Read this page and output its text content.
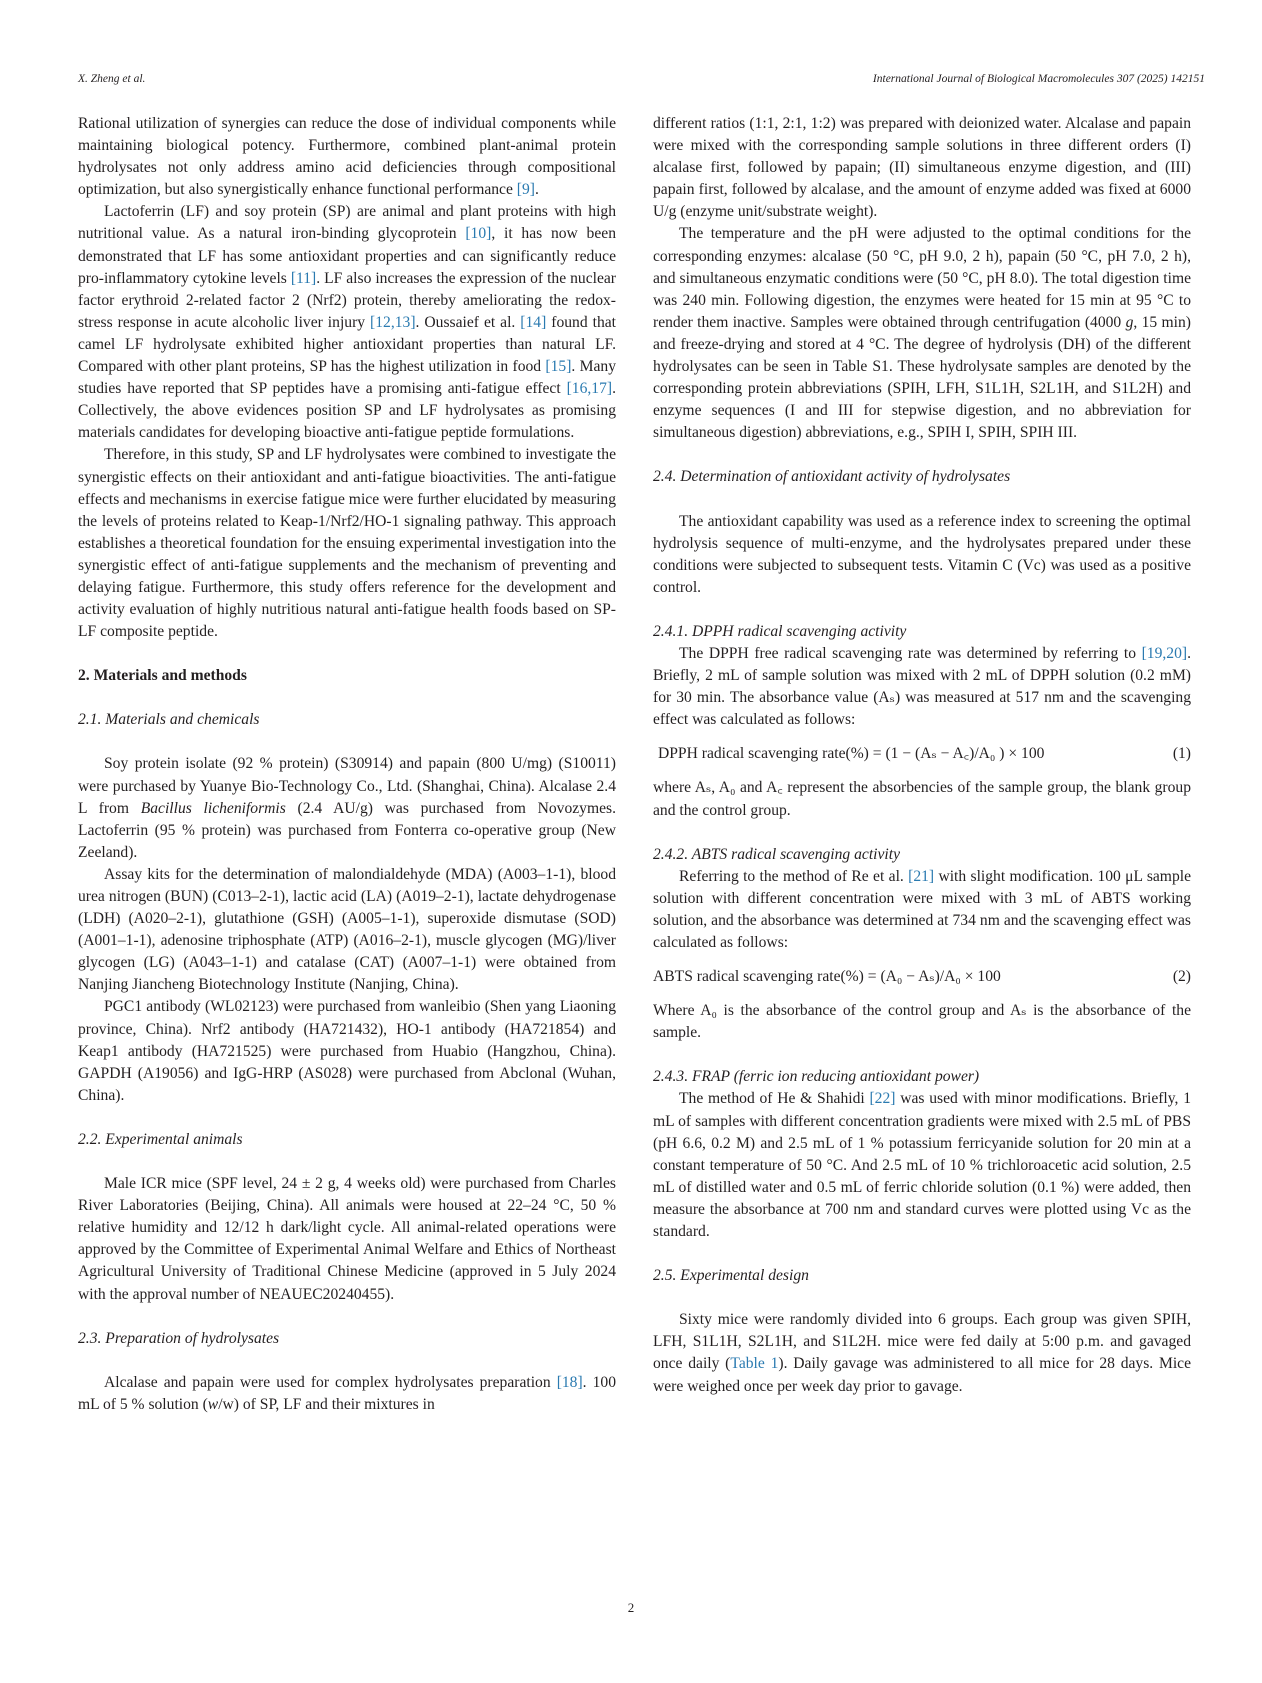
X. Zheng et al.	International Journal of Biological Macromolecules 307 (2025) 142151

Rational utilization of synergies can reduce the dose of individual components while maintaining biological potency. Furthermore, combined plant-animal protein hydrolysates not only address amino acid deficiencies through compositional optimization, but also synergistically enhance functional performance [9].

Lactoferrin (LF) and soy protein (SP) are animal and plant proteins with high nutritional value. As a natural iron-binding glycoprotein [10], it has now been demonstrated that LF has some antioxidant properties and can significantly reduce pro-inflammatory cytokine levels [11]. LF also increases the expression of the nuclear factor erythroid 2-related factor 2 (Nrf2) protein, thereby ameliorating the redox-stress response in acute alcoholic liver injury [12,13]. Oussaief et al. [14] found that camel LF hydrolysate exhibited higher antioxidant properties than natural LF. Compared with other plant proteins, SP has the highest utilization in food [15]. Many studies have reported that SP peptides have a promising anti-fatigue effect [16,17]. Collectively, the above evidences position SP and LF hydrolysates as promising materials candidates for developing bioactive anti-fatigue peptide formulations.

Therefore, in this study, SP and LF hydrolysates were combined to investigate the synergistic effects on their antioxidant and anti-fatigue bioactivities. The anti-fatigue effects and mechanisms in exercise fatigue mice were further elucidated by measuring the levels of proteins related to Keap-1/Nrf2/HO-1 signaling pathway. This approach establishes a theoretical foundation for the ensuing experimental investigation into the synergistic effect of anti-fatigue supplements and the mechanism of preventing and delaying fatigue. Furthermore, this study offers reference for the development and activity evaluation of highly nutritious natural anti-fatigue health foods based on SP-LF composite peptide.

2. Materials and methods
2.1. Materials and chemicals

Soy protein isolate (92 % protein) (S30914) and papain (800 U/mg) (S10011) were purchased by Yuanye Bio-Technology Co., Ltd. (Shanghai, China). Alcalase 2.4 L from Bacillus licheniformis (2.4 AU/g) was purchased from Novozymes. Lactoferrin (95 % protein) was purchased from Fonterra co-operative group (New Zeeland).

Assay kits for the determination of malondialdehyde (MDA) (A003–1-1), blood urea nitrogen (BUN) (C013–2-1), lactic acid (LA) (A019–2-1), lactate dehydrogenase (LDH) (A020–2-1), glutathione (GSH) (A005–1-1), superoxide dismutase (SOD) (A001–1-1), adenosine triphosphate (ATP) (A016–2-1), muscle glycogen (MG)/liver glycogen (LG) (A043–1-1) and catalase (CAT) (A007–1-1) were obtained from Nanjing Jiancheng Biotechnology Institute (Nanjing, China).

PGC1 antibody (WL02123) were purchased from wanleibio (Shen yang Liaoning province, China). Nrf2 antibody (HA721432), HO-1 antibody (HA721854) and Keap1 antibody (HA721525) were purchased from Huabio (Hangzhou, China). GAPDH (A19056) and IgG-HRP (AS028) were purchased from Abclonal (Wuhan, China).

2.2. Experimental animals

Male ICR mice (SPF level, 24 ± 2 g, 4 weeks old) were purchased from Charles River Laboratories (Beijing, China). All animals were housed at 22–24 °C, 50 % relative humidity and 12/12 h dark/light cycle. All animal-related operations were approved by the Committee of Experimental Animal Welfare and Ethics of Northeast Agricultural University of Traditional Chinese Medicine (approved in 5 July 2024 with the approval number of NEAUEC20240455).

2.3. Preparation of hydrolysates

Alcalase and papain were used for complex hydrolysates preparation [18]. 100 mL of 5 % solution (w/w) of SP, LF and their mixtures in

different ratios (1:1, 2:1, 1:2) was prepared with deionized water. Alcalase and papain were mixed with the corresponding sample solutions in three different orders (I) alcalase first, followed by papain; (II) simultaneous enzyme digestion, and (III) papain first, followed by alcalase, and the amount of enzyme added was fixed at 6000 U/g (enzyme unit/substrate weight).

The temperature and the pH were adjusted to the optimal conditions for the corresponding enzymes: alcalase (50 °C, pH 9.0, 2 h), papain (50 °C, pH 7.0, 2 h), and simultaneous enzymatic conditions were (50 °C, pH 8.0). The total digestion time was 240 min. Following digestion, the enzymes were heated for 15 min at 95 °C to render them inactive. Samples were obtained through centrifugation (4000 g, 15 min) and freeze-drying and stored at 4 °C. The degree of hydrolysis (DH) of the different hydrolysates can be seen in Table S1. These hydrolysate samples are denoted by the corresponding protein abbreviations (SPIH, LFH, S1L1H, S2L1H, and S1L2H) and enzyme sequences (I and III for stepwise digestion, and no abbreviation for simultaneous digestion) abbreviations, e.g., SPIH I, SPIH, SPIH III.

2.4. Determination of antioxidant activity of hydrolysates

The antioxidant capability was used as a reference index to screening the optimal hydrolysis sequence of multi-enzyme, and the hydrolysates prepared under these conditions were subjected to subsequent tests. Vitamin C (Vc) was used as a positive control.

2.4.1. DPPH radical scavenging activity

The DPPH free radical scavenging rate was determined by referring to [19,20]. Briefly, 2 mL of sample solution was mixed with 2 mL of DPPH solution (0.2 mM) for 30 min. The absorbance value (Aₛ) was measured at 517 nm and the scavenging effect was calculated as follows:

DPPH radical scavenging rate(%) = (1 − (Aₛ − A꜀)/A₀ ) × 100	(1)

where Aₛ, A₀ and A꜀ represent the absorbencies of the sample group, the blank group and the control group.

2.4.2. ABTS radical scavenging activity

Referring to the method of Re et al. [21] with slight modification. 100 μL sample solution with different concentration were mixed with 3 mL of ABTS working solution, and the absorbance was determined at 734 nm and the scavenging effect was calculated as follows:

ABTS radical scavenging rate(%) = (A₀ − Aₛ)/A₀ × 100	(2)

Where A₀ is the absorbance of the control group and Aₛ is the absorbance of the sample.

2.4.3. FRAP (ferric ion reducing antioxidant power)

The method of He & Shahidi [22] was used with minor modifications. Briefly, 1 mL of samples with different concentration gradients were mixed with 2.5 mL of PBS (pH 6.6, 0.2 M) and 2.5 mL of 1 % potassium ferricyanide solution for 20 min at a constant temperature of 50 °C. And 2.5 mL of 10 % trichloroacetic acid solution, 2.5 mL of distilled water and 0.5 mL of ferric chloride solution (0.1 %) were added, then measure the absorbance at 700 nm and standard curves were plotted using Vc as the standard.

2.5. Experimental design

Sixty mice were randomly divided into 6 groups. Each group was given SPIH, LFH, S1L1H, S2L1H, and S1L2H. mice were fed daily at 5:00 p.m. and gavaged once daily (Table 1). Daily gavage was administered to all mice for 28 days. Mice were weighed once per week day prior to gavage.

2
